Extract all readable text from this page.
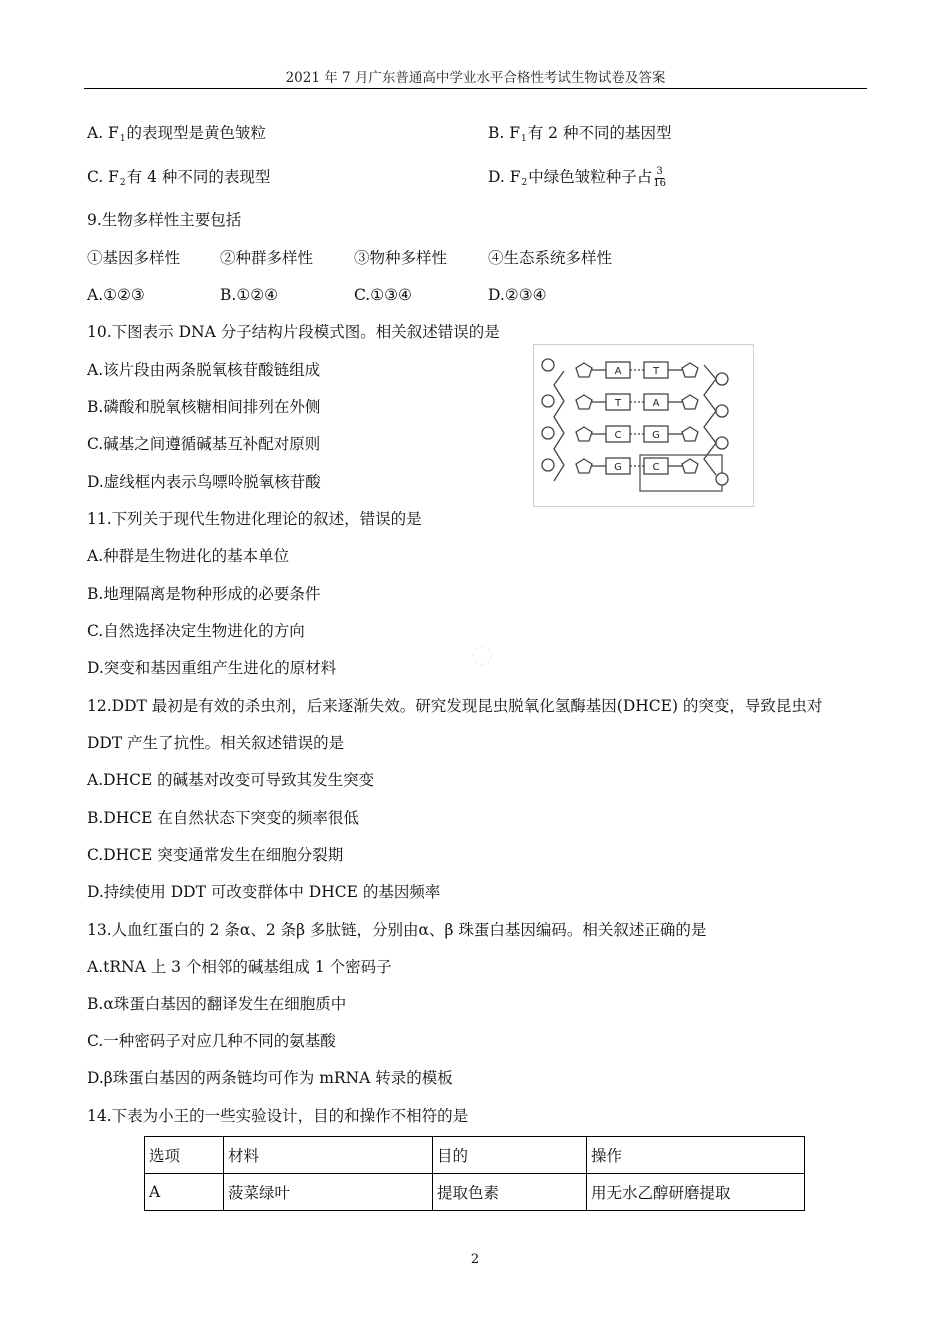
2021 年 7 月广东普通高中学业水平合格性考试生物试卷及答案
◌
A. $F_1$的表现型是黄色皱粒	B. $F_1$有 2 种不同的基因型
C. $F_2$有 4 种不同的表现型	D. $F_2$中绿色皱粒种子占 $\frac{3}{16}$
9.生物多样性主要包括
①基因多样性	②种群多样性	③物种多样性	④生态系统多样性
A.①②③	B.①②④	C.①③④	D.②③④
10.下图表示 DNA 分子结构片段模式图。相关叙述错误的是
A.该片段由两条脱氧核苷酸链组成
B.磷酸和脱氧核糖相间排列在外侧
C.碱基之间遵循碱基互补配对原则
D.虚线框内表示鸟嘌呤脱氧核苷酸
A
T
C
G
T
A
G
C
11.下列关于现代生物进化理论的叙述，错误的是
A.种群是生物进化的基本单位
B.地理隔离是物种形成的必要条件
C.自然选择决定生物进化的方向
D.突变和基因重组产生进化的原材料
12.DDT 最初是有效的杀虫剂，后来逐渐失效。研究发现昆虫脱氧化氢酶基因(DHCE) 的突变，导致昆虫对
DDT 产生了抗性。相关叙述错误的是
A.DHCE 的碱基对改变可导致其发生突变
B.DHCE 在自然状态下突变的频率很低
C.DHCE 突变通常发生在细胞分裂期
D.持续使用 DDT 可改变群体中 DHCE 的基因频率
13.人血红蛋白的 2 条α、2 条β 多肽链，分别由α、β 珠蛋白基因编码。相关叙述正确的是
A.tRNA 上 3 个相邻的碱基组成 1 个密码子
B.α珠蛋白基因的翻译发生在细胞质中
C.一种密码子对应几种不同的氨基酸
D.β珠蛋白基因的两条链均可作为 mRNA 转录的模板
14.下表为小王的一些实验设计，目的和操作不相符的是
选项	材料	目的	操作
A	菠菜绿叶	提取色素	用无水乙醇研磨提取
2
